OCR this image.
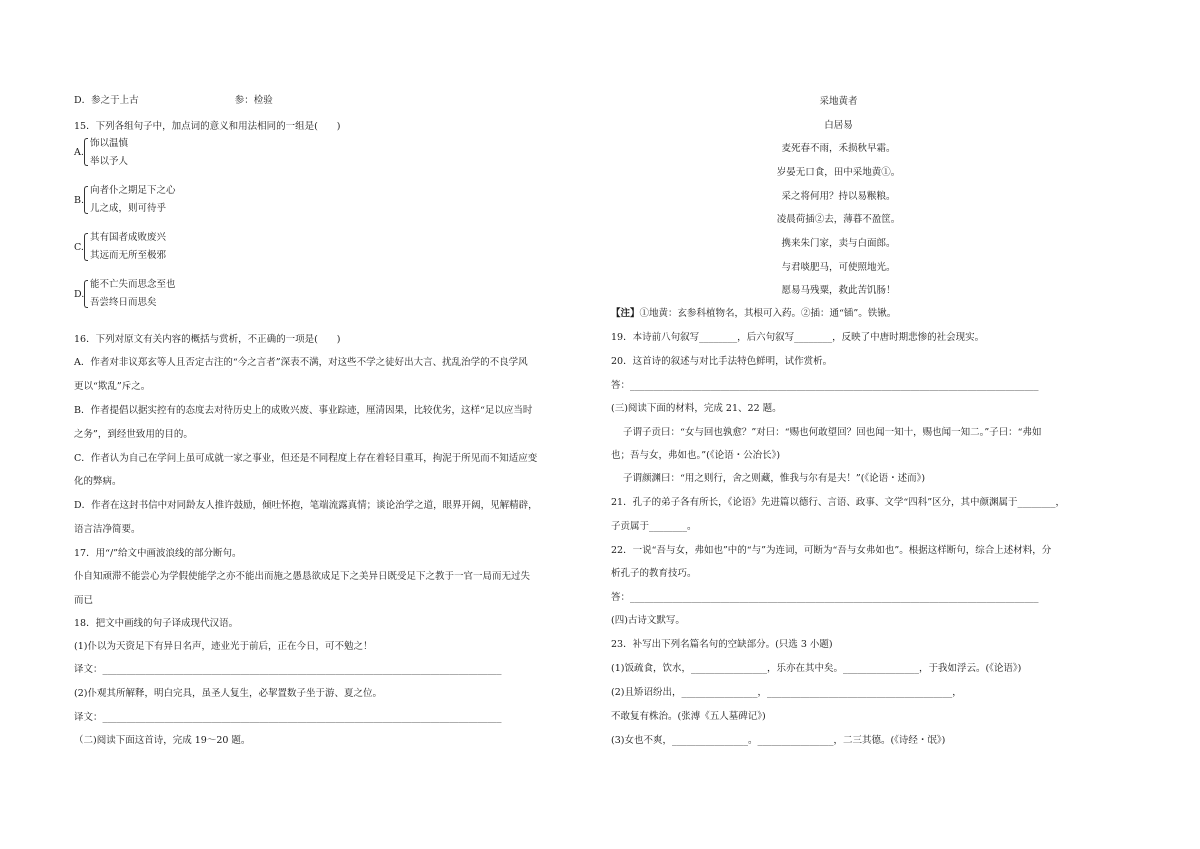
D．参之于上古	参：检验
15．下列各组句子中，加点词的意义和用法相同的一组是(　　)
A.
饰以温慎
举以予人
B.
向者仆之期足下之心
儿之成，则可待乎
C.
其有国者成败废兴
其远而无所至极邪
D.
能不亡失而思念至也
吾尝终日而思矣
16．下列对原文有关内容的概括与赏析，不正确的一项是(　　)
A．作者对非议郑玄等人且否定古注的“今之言者”深表不满，对这些不学之徒好出大言、扰乱治学的不良学风
更以“欺乱”斥之。
B．作者提倡以据实控有的态度去对待历史上的成败兴废、事业踪迹，厘清因果，比较优劣，这样“足以应当时
之务”，到经世致用的目的。
C．作者认为自己在学问上虽可成就一家之事业，但还是不同程度上存在着轻目重耳，拘泥于所见而不知适应变
化的弊病。
D．作者在这封书信中对同龄友人推许鼓励，倾吐怀抱，笔端流露真情；谈论治学之道，眼界开阔，见解精辟，
语言洁净简要。
17．用“/”给文中画波浪线的部分断句。
仆自知顽滞不能尝心为学假使能学之亦不能出而施之愚恳欲成足下之美异日既受足下之教于一官一局而无过失
而已
18．把文中画线的句子译成现代汉语。
(1)仆以为天资足下有异日名声，迹业光于前后，正在今日，可不勉之！
译文：____________________________________________________________________________________
(2)仆观其所解释，明白完具，虽圣人复生，必挈置数子坐于游、夏之位。
译文：____________________________________________________________________________________
（二)阅读下面这首诗，完成 19～20 题。
采地黄者
白居易
麦死春不雨，禾损秋早霜。
岁晏无口食，田中采地黄①。
采之将何用？持以易糇粮。
凌晨荷插②去，薄暮不盈筐。
携来朱门家，卖与白面郎。
与君啖肥马，可使照地光。
愿易马残粟，救此苦饥肠！
【注】①地黄：玄参科植物名，其根可入药。②插：通“锸”。铁锹。
19．本诗前八句叙写________，后六句叙写________，反映了中唐时期悲惨的社会现实。
20．这首诗的叙述与对比手法特色鲜明，试作赏析。
答：______________________________________________________________________________________
(三)阅读下面的材料，完成 21、22 题。
子谓子贡曰：“女与回也孰愈？”对曰：“赐也何敢望回？回也闻一知十，赐也闻一知二。”子曰：“弗如
也；吾与女，弗如也。”(《论语・公冶长》)
子谓颜渊曰：“用之则行，舍之则藏，惟我与尔有是夫！”(《论语・述而》)
21．孔子的弟子各有所长，《论语》先进篇以德行、言语、政事、文学“四科”区分，其中颜渊属于________，
子贡属于________。
22．一说“吾与女，弗如也”中的“与”为连词，可断为“吾与女弗如也”。根据这样断句，综合上述材料，分
析孔子的教育技巧。
答：______________________________________________________________________________________
(四)古诗文默写。
23．补写出下列名篇名句的空缺部分。(只选 3 小题)
(1)饭疏食，饮水，________________，乐亦在其中矣。________________，于我如浮云。(《论语》)
(2)且矫诏纷出，________________，_______________________________________，
不敢复有株治。(张溥《五人墓碑记》)
(3)女也不爽，________________。________________，二三其德。(《诗经・氓》)
